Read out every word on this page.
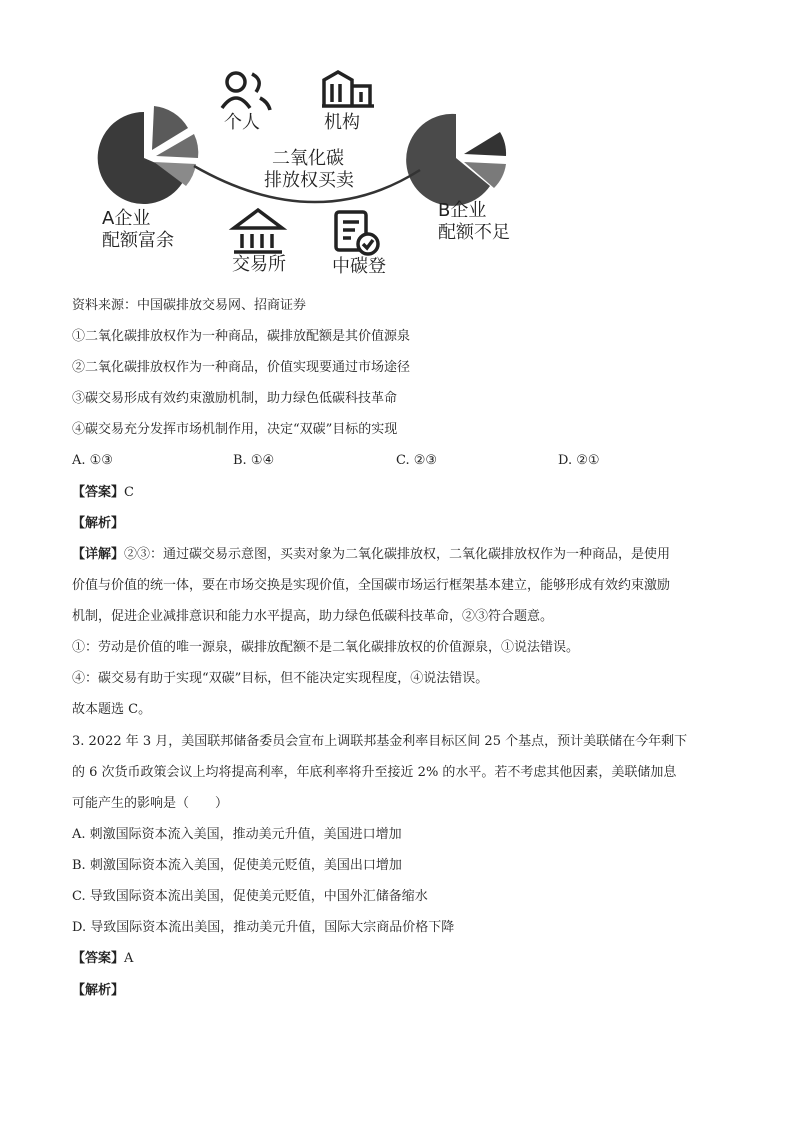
个人	机构
二氧化碳
排放权买卖
A企业
配额富余
B企业
配额不足
交易所	中碳登
资料来源：中国碳排放交易网、招商证券
①二氧化碳排放权作为一种商品，碳排放配额是其价值源泉
②二氧化碳排放权作为一种商品，价值实现要通过市场途径
③碳交易形成有效约束激励机制，助力绿色低碳科技革命
④碳交易充分发挥市场机制作用，决定“双碳”目标的实现
A. ①③	B. ①④	C. ②③	D. ②①
【答案】C
【解析】
【详解】②③：通过碳交易示意图，买卖对象为二氧化碳排放权，二氧化碳排放权作为一种商品，是使用
价值与价值的统一体，要在市场交换是实现价值，全国碳市场运行框架基本建立，能够形成有效约束激励
机制，促进企业减排意识和能力水平提高，助力绿色低碳科技革命，②③符合题意。
①：劳动是价值的唯一源泉，碳排放配额不是二氧化碳排放权的价值源泉，①说法错误。
④：碳交易有助于实现“双碳”目标，但不能决定实现程度，④说法错误。
故本题选 C。
3. 2022 年 3 月，美国联邦储备委员会宣布上调联邦基金利率目标区间 25 个基点，预计美联储在今年剩下
的 6 次货币政策会议上均将提高利率，年底利率将升至接近 2% 的水平。若不考虑其他因素，美联储加息
可能产生的影响是（　　）
A. 刺激国际资本流入美国，推动美元升值，美国进口增加
B. 刺激国际资本流入美国，促使美元贬值，美国出口增加
C. 导致国际资本流出美国，促使美元贬值，中国外汇储备缩水
D. 导致国际资本流出美国，推动美元升值，国际大宗商品价格下降
【答案】A
【解析】
